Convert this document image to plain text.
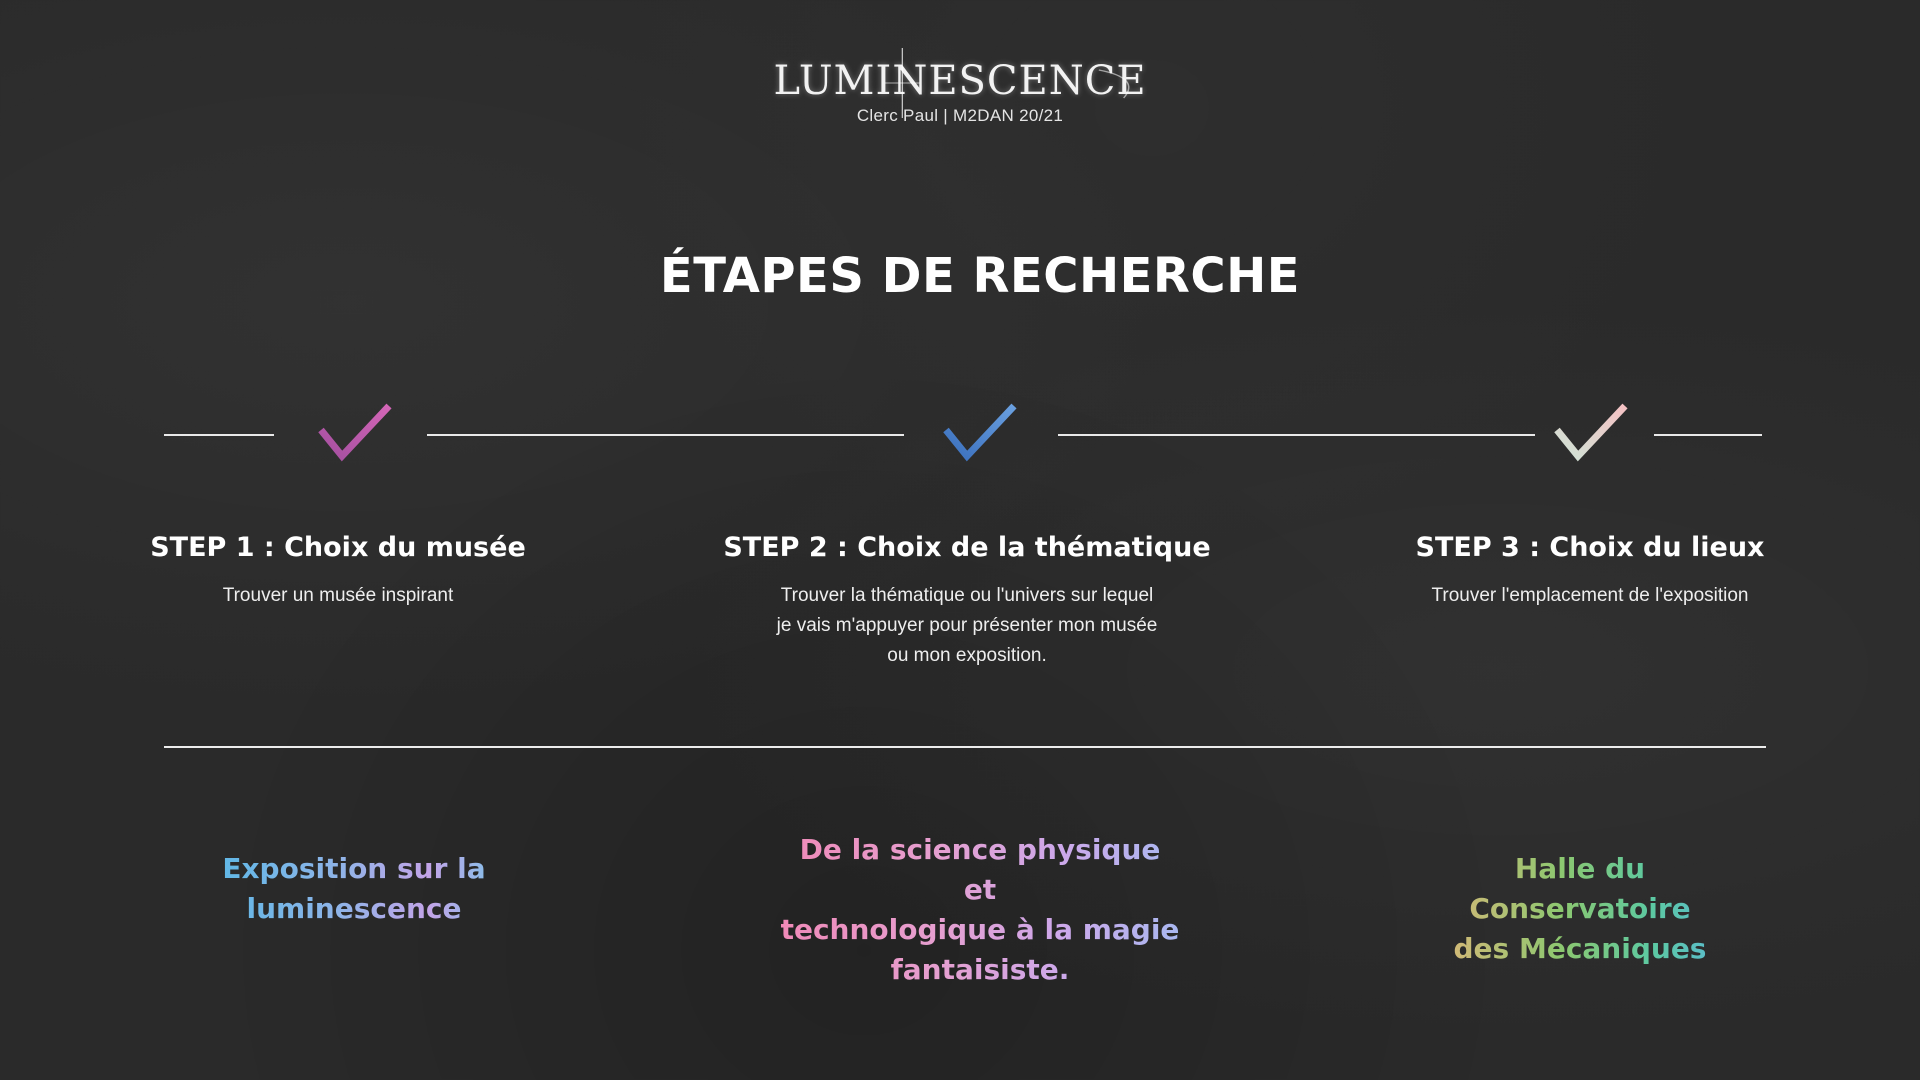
LUMINESCENCE
Clerc Paul | M2DAN 20/21
ÉTAPES DE RECHERCHE
STEP 1 : Choix du musée
Trouver un musée inspirant
STEP 2 : Choix de la thématique
Trouver la thématique ou l'univers sur lequel
je vais m'appuyer pour présenter mon musée
ou mon exposition.
STEP 3 : Choix du lieux
Trouver l'emplacement de l'exposition
Exposition sur la
luminescence
De la science physique et
technologique à la magie
fantaisiste.
Halle du Conservatoire
des Mécaniques
